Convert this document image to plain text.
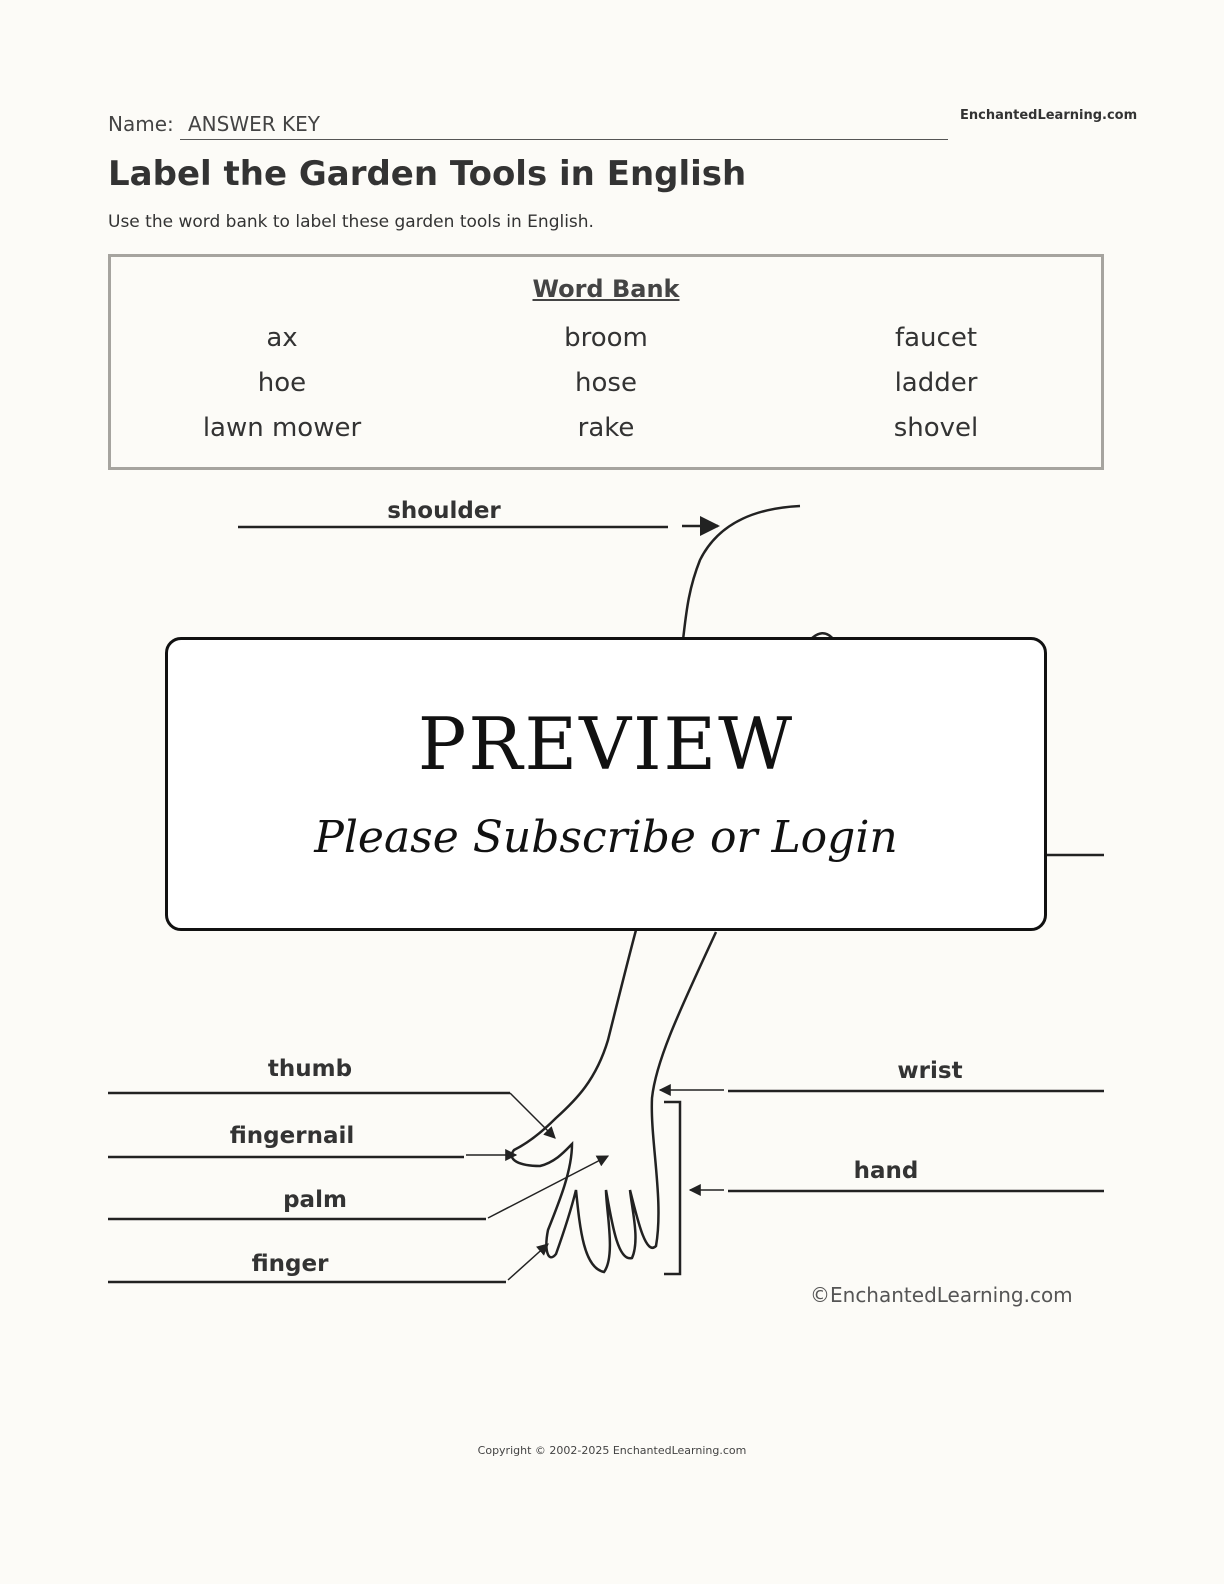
Name: ANSWER KEY	EnchantedLearning.com
Label the Garden Tools in English
Use the word bank to label these garden tools in English.
Word Bank
ax	broom	faucet
hoe	hose	ladder
lawn mower	rake	shovel
shoulder
thumb
fingernail
palm
finger
wrist
hand
©EnchantedLearning.com
PREVIEW
Please Subscribe or Login
Copyright © 2002-2025 EnchantedLearning.com
